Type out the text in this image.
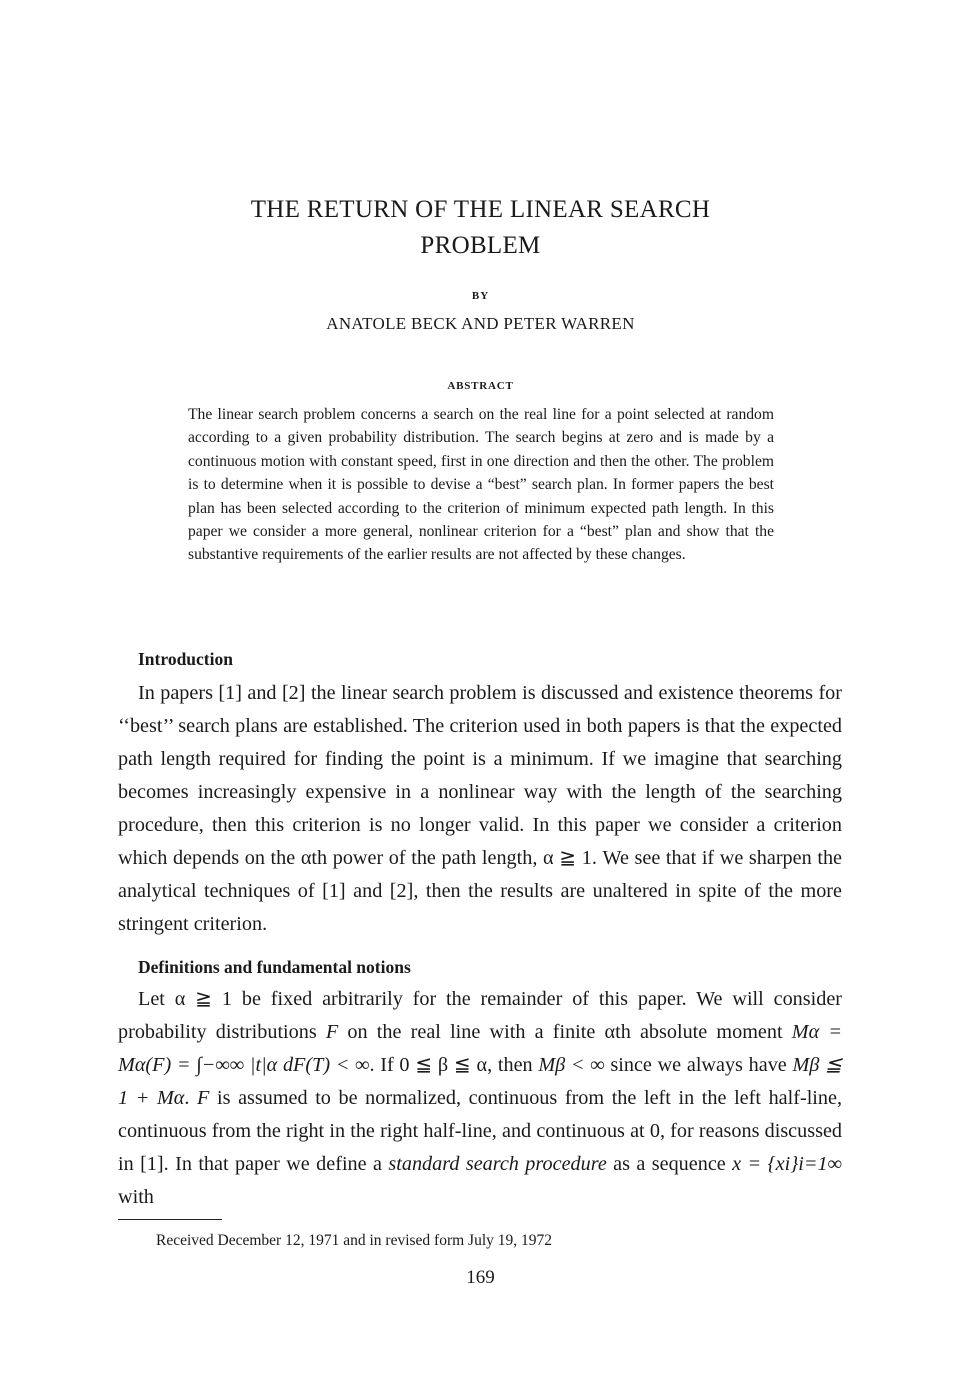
THE RETURN OF THE LINEAR SEARCH
PROBLEM
BY
ANATOLE BECK AND PETER WARREN
ABSTRACT

The linear search problem concerns a search on the real line for a point selected at random according to a given probability distribution. The search begins at zero and is made by a continuous motion with constant speed, first in one direction and then the other. The problem is to determine when it is possible to devise a “best” search plan. In former papers the best plan has been selected according to the criterion of minimum expected path length. In this paper we consider a more general, nonlinear criterion for a “best” plan and show that the substantive requirements of the earlier results are not affected by these changes.

Introduction

In papers [1] and [2] the linear search problem is discussed and existence theorems for ‘‘best’’ search plans are established. The criterion used in both papers is that the expected path length required for finding the point is a minimum. If we imagine that searching becomes increasingly expensive in a nonlinear way with the length of the searching procedure, then this criterion is no longer valid. In this paper we consider a criterion which depends on the αth power of the path length, α ≧ 1. We see that if we sharpen the analytical techniques of [1] and [2], then the results are unaltered in spite of the more stringent criterion.

Definitions and fundamental notions

Let α ≧ 1 be fixed arbitrarily for the remainder of this paper. We will consider probability distributions F on the real line with a finite αth absolute moment Mα = Mα(F) = ∫−∞∞ |t|α dF(T) < ∞. If 0 ≦ β ≦ α, then Mβ < ∞ since we always have Mβ ≦ 1 + Mα. F is assumed to be normalized, continuous from the left in the left half-line, continuous from the right in the right half-line, and continuous at 0, for reasons discussed in [1]. In that paper we define a standard search procedure as a sequence x = {xi}i=1∞ with

Received December 12, 1971 and in revised form July 19, 1972
169
